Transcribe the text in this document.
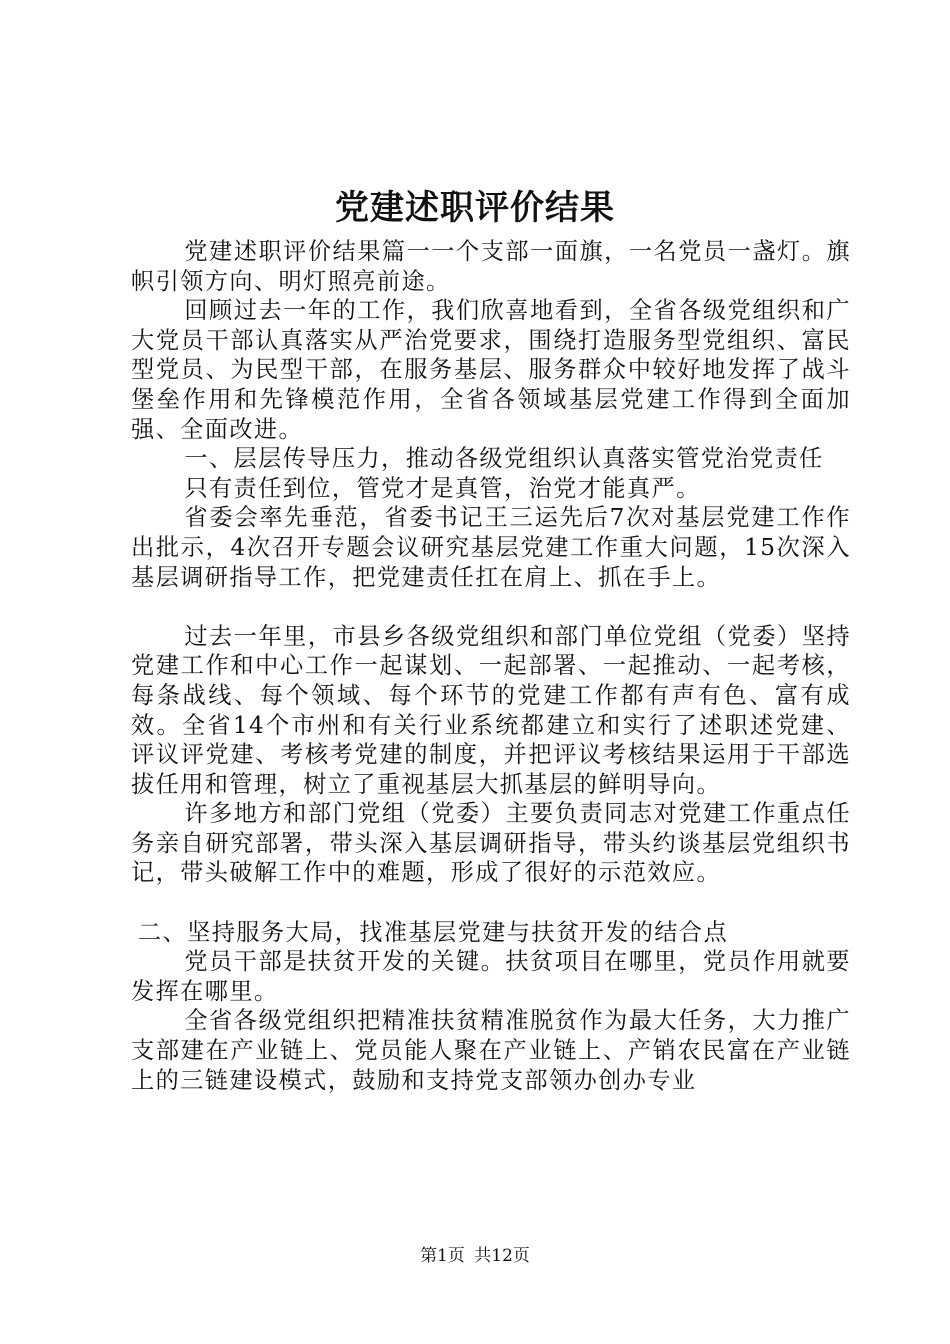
党建述职评价结果

党建述职评价结果篇一一个支部一面旗，一名党员一盏灯。旗帜引领方向、明灯照亮前途。

回顾过去一年的工作，我们欣喜地看到，全省各级党组织和广大党员干部认真落实从严治党要求，围绕打造服务型党组织、富民型党员、为民型干部，在服务基层、服务群众中较好地发挥了战斗堡垒作用和先锋模范作用，全省各领域基层党建工作得到全面加强、全面改进。

一、层层传导压力，推动各级党组织认真落实管党治党责任

只有责任到位，管党才是真管，治党才能真严。

省委会率先垂范，省委书记王三运先后7次对基层党建工作作出批示，4次召开专题会议研究基层党建工作重大问题，15次深入基层调研指导工作，把党建责任扛在肩上、抓在手上。

过去一年里，市县乡各级党组织和部门单位党组（党委）坚持党建工作和中心工作一起谋划、一起部署、一起推动、一起考核，每条战线、每个领域、每个环节的党建工作都有声有色、富有成效。全省14个市州和有关行业系统都建立和实行了述职述党建、评议评党建、考核考党建的制度，并把评议考核结果运用于干部选拔任用和管理，树立了重视基层大抓基层的鲜明导向。

许多地方和部门党组（党委）主要负责同志对党建工作重点任务亲自研究部署，带头深入基层调研指导，带头约谈基层党组织书记，带头破解工作中的难题，形成了很好的示范效应。

二、坚持服务大局，找准基层党建与扶贫开发的结合点

党员干部是扶贫开发的关键。扶贫项目在哪里，党员作用就要发挥在哪里。

全省各级党组织把精准扶贫精准脱贫作为最大任务，大力推广支部建在产业链上、党员能人聚在产业链上、产销农民富在产业链上的三链建设模式，鼓励和支持党支部领办创办专业

第1页 共12页
